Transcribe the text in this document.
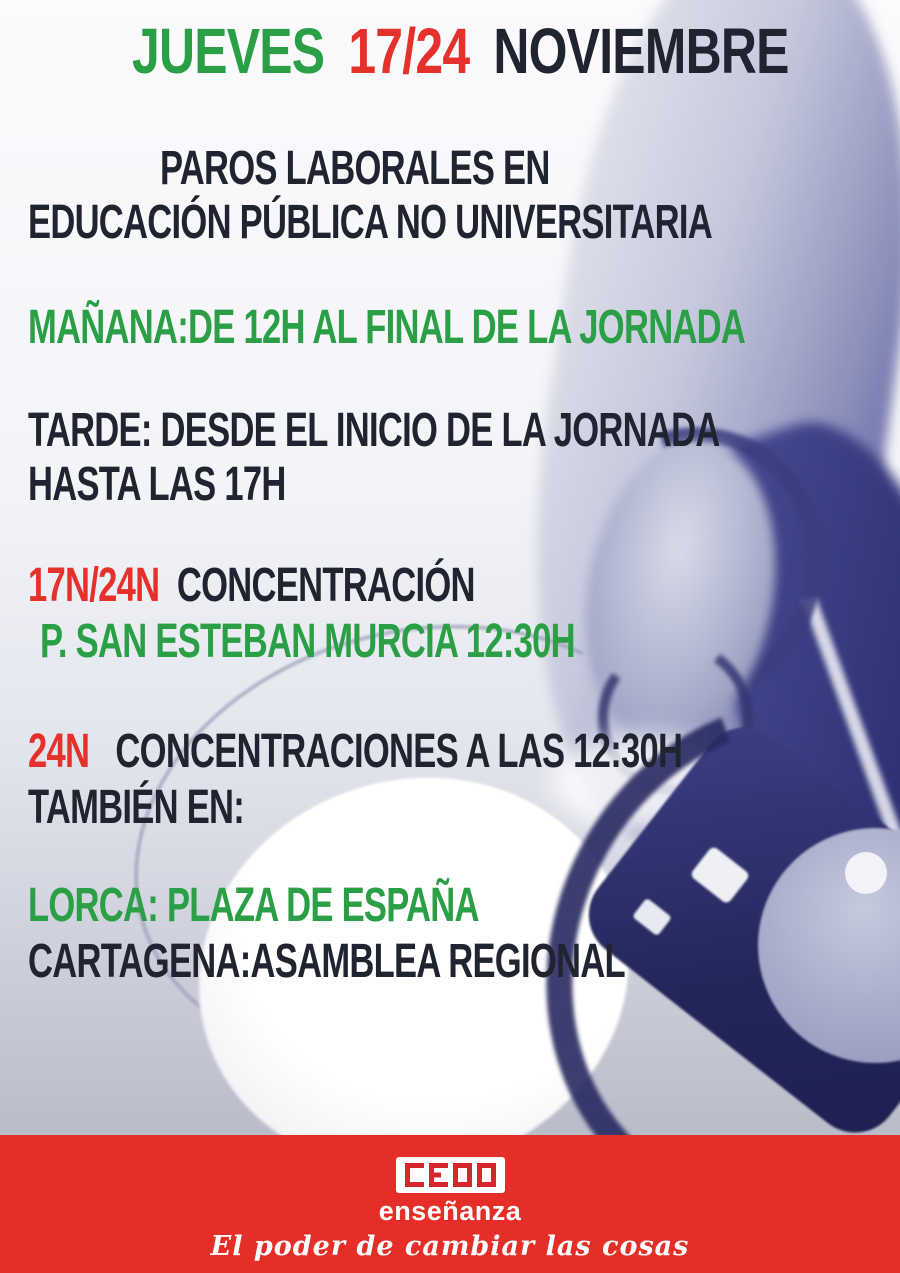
JUEVES 17/24 NOVIEMBRE
PAROS LABORALES EN
EDUCACIÓN PÚBLICA NO UNIVERSITARIA
MAÑANA:DE 12H AL FINAL DE LA JORNADA
TARDE: DESDE EL INICIO DE LA JORNADA
HASTA LAS 17H
17N/24N CONCENTRACIÓN
P. SAN ESTEBAN MURCIA 12:30H
24N CONCENTRACIONES A LAS 12:30H
TAMBIÉN EN:
LORCA: PLAZA DE ESPAÑA
CARTAGENA:ASAMBLEA REGIONAL
enseñanza
El poder de cambiar las cosas
